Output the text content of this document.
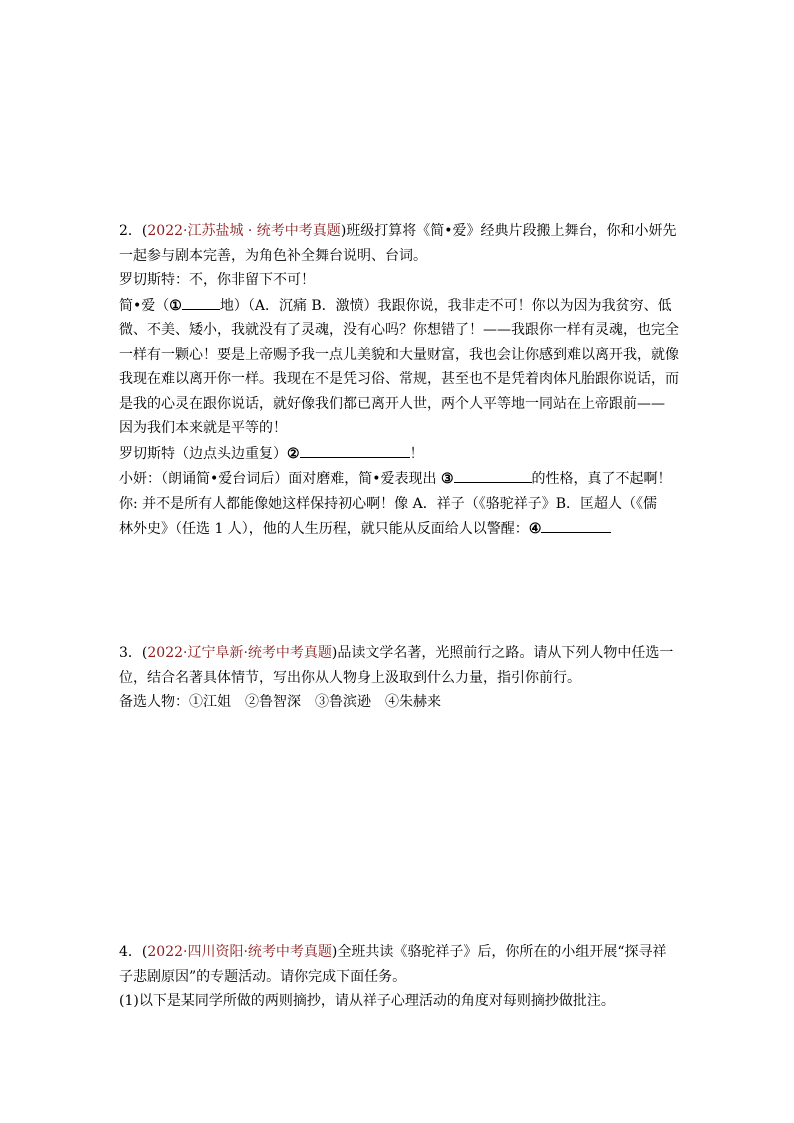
2．(2022·江苏盐城 · 统考中考真题)班级打算将《简•爱》经典片段搬上舞台，你和小妍先
一起参与剧本完善，为角色补全舞台说明、台词。
罗切斯特：不，你非留下不可！
简•爱（①	地）（A．沉痛 B．激愤）我跟你说，我非走不可！你以为因为我贫穷、低
微、不美、矮小，我就没有了灵魂，没有心吗？你想错了！——我跟你一样有灵魂，也完全
一样有一颗心！要是上帝赐予我一点儿美貌和大量财富，我也会让你感到难以离开我，就像
我现在难以离开你一样。我现在不是凭习俗、常规，甚至也不是凭着肉体凡胎跟你说话，而
是我的心灵在跟你说话，就好像我们都已离开人世，两个人平等地一同站在上帝跟前——
因为我们本来就是平等的！
罗切斯特（边点头边重复）②	！
小妍：（朗诵简•爱台词后）面对磨难，简•爱表现出 ③	的性格，真了不起啊！
你: 并不是所有人都能像她这样保持初心啊！像 A．祥子（《骆驼祥子》B．匡超人（《儒
林外史》（任选 1 人），他的人生历程，就只能从反面给人以警醒：④
3．(2022·辽宁阜新·统考中考真题)品读文学名著，光照前行之路。请从下列人物中任选一
位，结合名著具体情节，写出你从人物身上汲取到什么力量，指引你前行。
备选人物：①江姐　②鲁智深　③鲁滨逊　④朱赫来
4．(2022·四川资阳·统考中考真题)全班共读《骆驼祥子》后，你所在的小组开展“探寻祥
子悲剧原因”的专题活动。请你完成下面任务。
(1)以下是某同学所做的两则摘抄，请从祥子心理活动的角度对每则摘抄做批注。
